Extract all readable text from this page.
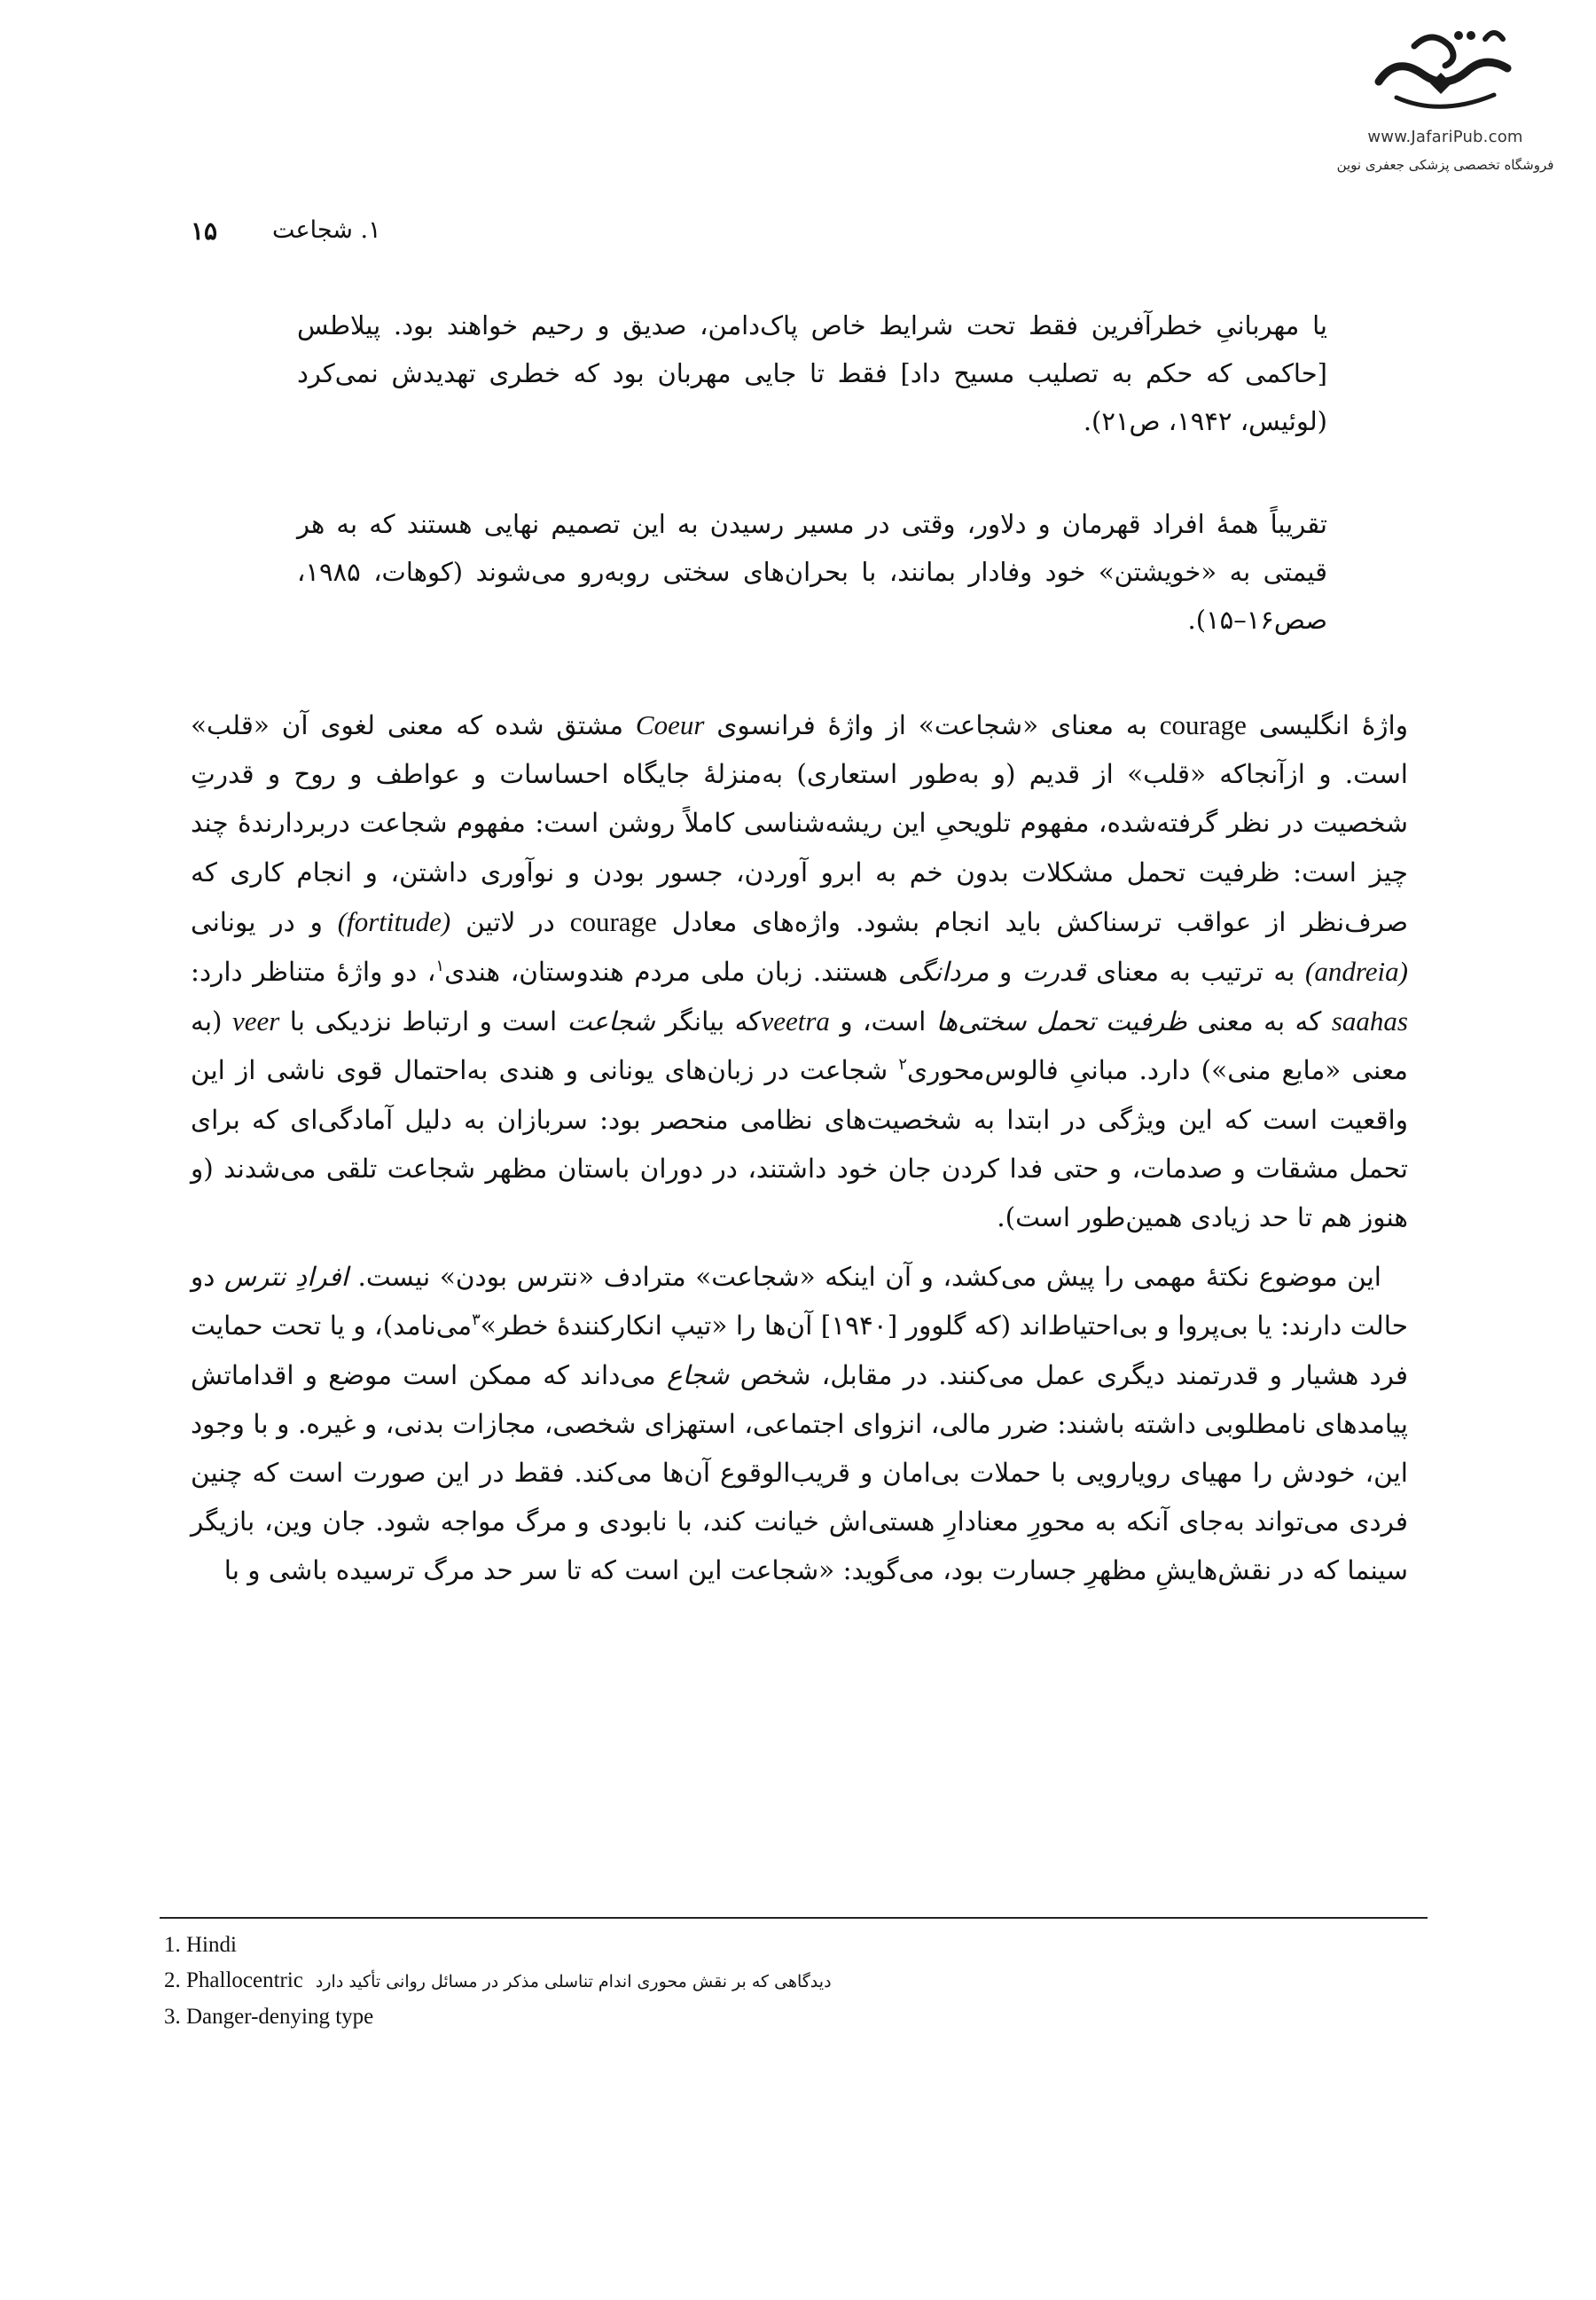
www.JafariPub.com
فروشگاه تخصصی پزشکی جعفری نوین
۱۵ ۱. شجاعت
یا مهربانیِ خطرآفرین فقط تحت شرایط خاص پاک‌دامن، صدیق و رحیم خواهند بود. پیلاطس [حاکمی که حکم به تصلیب مسیح داد] فقط تا جایی مهربان بود که خطری تهدیدش نمی‌کرد (لوئیس، ۱۹۴۲، ص۲۱).
تقریباً همهٔ افراد قهرمان و دلاور، وقتی در مسیر رسیدن به این تصمیم نهایی هستند که به هر قیمتی به «خویشتن» خود وفادار بمانند، با بحران‌های سختی روبه‌رو می‌شوند (کوهات، ۱۹۸۵، صص۱۶–۱۵).

واژهٔ انگلیسی courage به معنای «شجاعت» از واژهٔ فرانسوی Coeur مشتق شده که معنی لغوی آن «قلب» است. و ازآنجاکه «قلب» از قدیم (و به‌طور استعاری) به‌منزلهٔ جایگاه احساسات و عواطف و روح و قدرتِ شخصیت در نظر گرفته‌شده، مفهوم تلویحیِ این ریشه‌شناسی کاملاً روشن است: مفهوم شجاعت دربردارندهٔ چند چیز است: ظرفیت تحمل مشکلات بدون خم به ابرو آوردن، جسور بودن و نوآوری داشتن، و انجام کاری که صرف‌نظر از عواقب ترسناکش باید انجام بشود. واژه‌های معادل courage در لاتین (fortitude) و در یونانی (andreia) به ترتیب به معنای قدرت و مردانگی هستند. زبان ملی مردم هندوستان، هندی$^۱$، دو واژهٔ متناظر دارد: saahas که به معنی ظرفیت تحمل سختی‌ها است، و veetraکه بیانگر شجاعت است و ارتباط نزدیکی با veer (به معنی «مایع منی») دارد. مبانیِ فالوس‌محوری$^۲$ شجاعت در زبان‌های یونانی و هندی به‌احتمال قوی ناشی از این واقعیت است که این ویژگی در ابتدا به شخصیت‌های نظامی منحصر بود: سربازان به دلیل آمادگی‌ای که برای تحمل مشقات و صدمات، و حتی فدا کردن جان خود داشتند، در دوران باستان مظهر شجاعت تلقی می‌شدند (و هنوز هم تا حد زیادی همین‌طور است).

این موضوع نکتهٔ مهمی را پیش می‌کشد، و آن اینکه «شجاعت» مترادف «نترس بودن» نیست. افرادِ نترس دو حالت دارند: یا بی‌پروا و بی‌احتیاط‌اند (که گلوور [۱۹۴۰] آن‌ها را «تیپ انکارکنندهٔ خطر»$^۳$می‌نامد)، و یا تحت حمایت فرد هشیار و قدرتمند دیگری عمل می‌کنند. در مقابل، شخص شجاع می‌داند که ممکن است موضع و اقداماتش پیامدهای نامطلوبی داشته باشند: ضرر مالی، انزوای اجتماعی، استهزای شخصی، مجازات بدنی، و غیره. و با وجود این، خودش را مهیای رویارویی با حملات بی‌امان و قریب‌الوقوع آن‌ها می‌کند. فقط در این صورت است که چنین فردی می‌تواند به‌جای آنکه به محورِ معنادارِ هستی‌اش خیانت کند، با نابودی و مرگ مواجه شود. جان وین، بازیگر سینما که در نقش‌هایشِ مظهرِ جسارت بود، می‌گوید: «شجاعت این است که تا سر حد مرگ ترسیده باشی و با

1. Hindi
2. Phallocentric دیدگاهی که بر نقش محوری اندام تناسلی مذکر در مسائل روانی تأکید دارد
3. Danger-denying type
